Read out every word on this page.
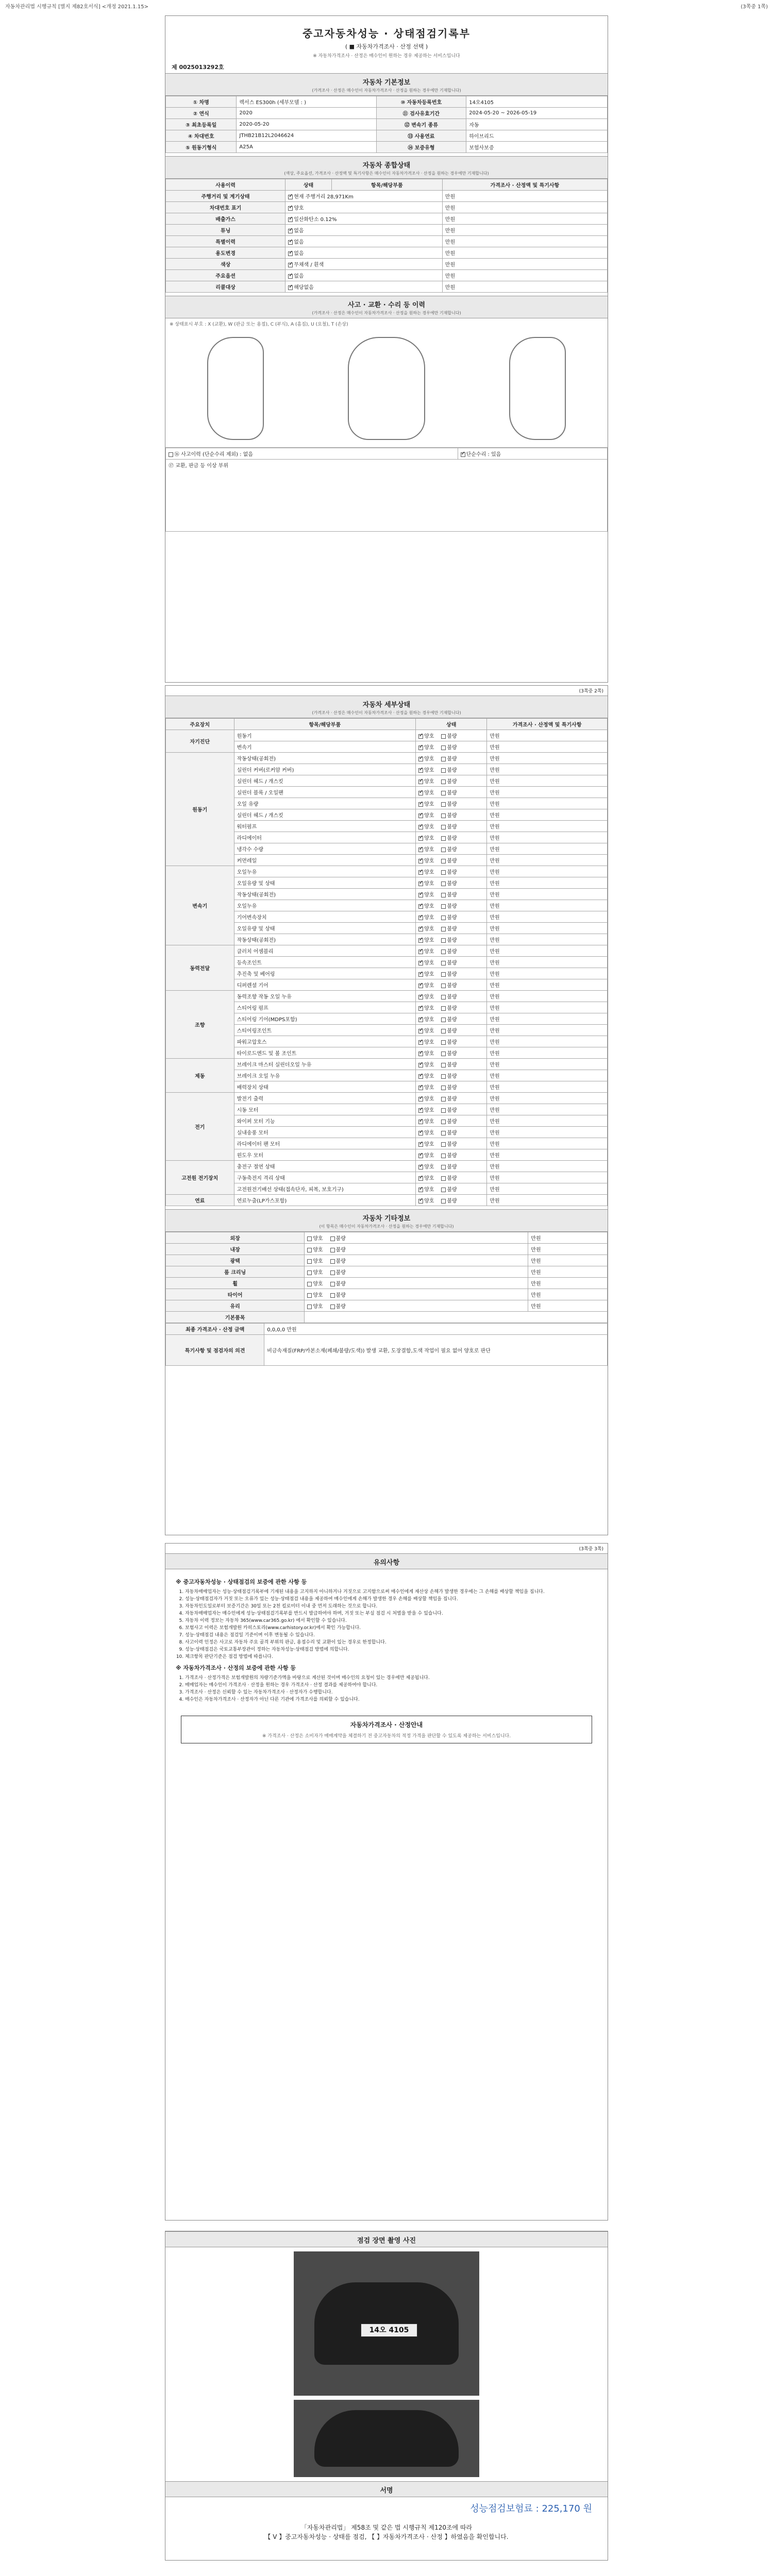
자동차관리법 시행규칙 [별지 제82호서식] <개정 2021.1.15>	(3쪽중 1쪽)
중고자동차성능 · 상태점검기록부
( ■ 자동차가격조사 · 산정 선택 )
※ 자동차가격조사 · 산정은 매수인이 원하는 경우 제공하는 서비스입니다
제 0025013292호
자동차 기본정보
(가격조사 · 산정은 매수인이 자동차가격조사 · 산정을 원하는 경우에만 기재합니다)
① 차명	렉서스 ES300h (세부모델 : )	⑩ 자동차등록번호	14오4105
② 연식	2020	⑪ 검사유효기간	2024-05-20 ~ 2026-05-19
③ 최초등록일	2020-05-20	⑫ 변속기 종류	자동
④ 차대번호	JTHB21B12L2046624	⑬ 사용연료	하이브리드
⑤ 원동기형식	A25A	⑭ 보증유형	보험사보증
자동차 종합상태
(색상, 주요옵션, 가격조사 · 산정액 및 특기사항은 매수인이 자동차가격조사 · 산정을 원하는 경우에만 기재합니다)
사용이력	상태	항목/해당부품	가격조사 · 산정액 및 특기사항
주행거리 및 계기상태	✓현재 주행거리 28,971Km		만원
차대번호 표기	✓양호		만원
배출가스	✓일산화탄소 0.12%		만원
튜닝	✓없음		만원
특별이력	✓없음		만원
용도변경	✓없음		만원
색상	✓무채색 / 흰색		만원
주요옵션	✓없음		만원
리콜대상	✓해당없음		만원
사고 · 교환 · 수리 등 이력
(가격조사 · 산정은 매수인이 자동차가격조사 · 산정을 원하는 경우에만 기재합니다)
※ 상태표시 부호 : X (교환), W (판금 또는 용접), C (부식), A (흠집), U (요철), T (손상)
⑯ 사고이력 (단순수리 제외) : 없음	✓단순수리 : 있음
⑰ 교환, 판금 등 이상 부위
(3쪽중 2쪽)
자동차 세부상태
(가격조사 · 산정은 매수인이 자동차가격조사 · 산정을 원하는 경우에만 기재합니다)
주요장치	항목/해당부품	상태	가격조사 · 산정액 및 특기사항
자기진단	원동기	✓양호 불량	만원
	변속기	✓양호 불량	만원
원동기	작동상태(공회전)	✓양호 불량	만원
	실린더 커버(로커암 커버)	✓양호 불량	만원
	실린더 헤드 / 개스킷	✓양호 불량	만원
	실린더 블록 / 오일팬	✓양호 불량	만원
	오일 유량	✓양호 불량	만원
	실린더 헤드 / 개스킷	✓양호 불량	만원
	워터펌프	✓양호 불량	만원
	라디에이터	✓양호 불량	만원
	냉각수 수량	✓양호 불량	만원
	커먼레일	✓양호 불량	만원
변속기	오일누유	✓양호 불량	만원
	오일유량 및 상태	✓양호 불량	만원
	작동상태(공회전)	✓양호 불량	만원
	오일누유	✓양호 불량	만원
	기어변속장치	✓양호 불량	만원
	오일유량 및 상태	✓양호 불량	만원
	작동상태(공회전)	✓양호 불량	만원
동력전달	클러치 어셈블리	✓양호 불량	만원
	등속조인트	✓양호 불량	만원
	추진축 및 베어링	✓양호 불량	만원
	디퍼렌셜 기어	✓양호 불량	만원
조향	동력조향 작동 오일 누유	✓양호 불량	만원
	스티어링 펌프	✓양호 불량	만원
	스티어링 기어(MDPS포함)	✓양호 불량	만원
	스티어링조인트	✓양호 불량	만원
	파워고압호스	✓양호 불량	만원
	타이로드엔드 및 볼 조인트	✓양호 불량	만원
제동	브레이크 마스터 실린더오일 누유	✓양호 불량	만원
	브레이크 오일 누유	✓양호 불량	만원
	배력장치 상태	✓양호 불량	만원
전기	발전기 출력	✓양호 불량	만원
	시동 모터	✓양호 불량	만원
	와이퍼 모터 기능	✓양호 불량	만원
	실내송풍 모터	✓양호 불량	만원
	라디에이터 팬 모터	✓양호 불량	만원
	윈도우 모터	✓양호 불량	만원
고전원 전기장치	충전구 절연 상태	✓양호 불량	만원
	구동축전지 격리 상태	✓양호 불량	만원
	고전원전기배선 상태(접속단자, 피복, 보호기구)	✓양호 불량	만원
연료	연료누출(LP가스포함)	✓양호 불량	만원
자동차 기타정보
(이 항목은 매수인이 자동차가격조사 · 산정을 원하는 경우에만 기재합니다)
외장	양호 불량	만원
내장	양호 불량	만원
광택	양호 불량	만원
룸 크리닝	양호 불량	만원
휠	양호 불량	만원
타이어	양호 불량	만원
유리	양호 불량	만원
기본품목		
최종 가격조사 · 산정 금액	0,0,0,0 만원
특기사항 및 점검자의 의견	비금속재질(FRP/카본소재(폐쇄/불량/도색)) 발생 교환, 도장결함,도색 작업이 필요 없어 양호로 판단
(3쪽중 3쪽)
유의사항
※ 중고자동차성능 · 상태점검의 보증에 관한 사항 등
1. 자동차매매업자는 성능·상태점검기록부에 기재된 내용을 고지하지 아니하거나 거짓으로 고지함으로써 매수인에게 재산상 손해가 발생한 경우에는 그 손해를 배상할 책임을 집니다.
2. 성능·상태점검자가 거짓 또는 오류가 있는 성능·상태점검 내용을 제공하여 매수인에게 손해가 발생한 경우 손해를 배상할 책임을 집니다.
3. 자동차인도일로부터 보증기간은 30일 또는 2천 킬로미터 이내 중 먼저 도래하는 것으로 합니다.
4. 자동차매매업자는 매수인에게 성능·상태점검기록부를 반드시 발급하여야 하며, 거짓 또는 부실 점검 시 처벌을 받을 수 있습니다.
5. 자동차 이력 정보는 자동차 365(www.car365.go.kr) 에서 확인할 수 있습니다.
6. 보험사고 이력은 보험개발원 카히스토리(www.carhistory.or.kr)에서 확인 가능합니다.
7. 성능·상태점검 내용은 점검일 기준이며 이후 변동될 수 있습니다.
8. 사고이력 인정은 사고로 자동차 주요 골격 부위의 판금, 용접수리 및 교환이 있는 경우로 한정합니다.
9. 성능·상태점검은 국토교통부장관이 정하는 자동차성능·상태점검 방법에 의합니다.
10. 체크항목 판단기준은 점검 방법에 따릅니다.
※ 자동차가격조사 · 산정의 보증에 관한 사항 등
1. 가격조사 · 산정가격은 보험개발원의 차량기준가액을 바탕으로 계산된 것이며 매수인의 요청이 있는 경우에만 제공됩니다.
2. 매매업자는 매수인이 가격조사 · 산정을 원하는 경우 가격조사 · 산정 결과를 제공하여야 합니다.
3. 가격조사 · 산정은 신뢰할 수 있는 자동차가격조사 · 산정자가 수행합니다.
4. 매수인은 자동차가격조사 · 산정자가 아닌 다른 기관에 가격조사를 의뢰할 수 있습니다.
자동차가격조사 · 산정안내
※ 가격조사 · 산정은 소비자가 매매계약을 체결하기 전 중고자동차의 적정 가격을 판단할 수 있도록 제공하는 서비스입니다.
점검 장면 촬영 사진
14오 4105
서명
성능점검보험료 : 225,170 원
「자동차관리법」 제58조 및 같은 법 시행규칙 제120조에 따라
【 V 】중고자동차성능 · 상태를 점검, 【 】자동차가격조사 · 산정 】하였음을 확인합니다.
